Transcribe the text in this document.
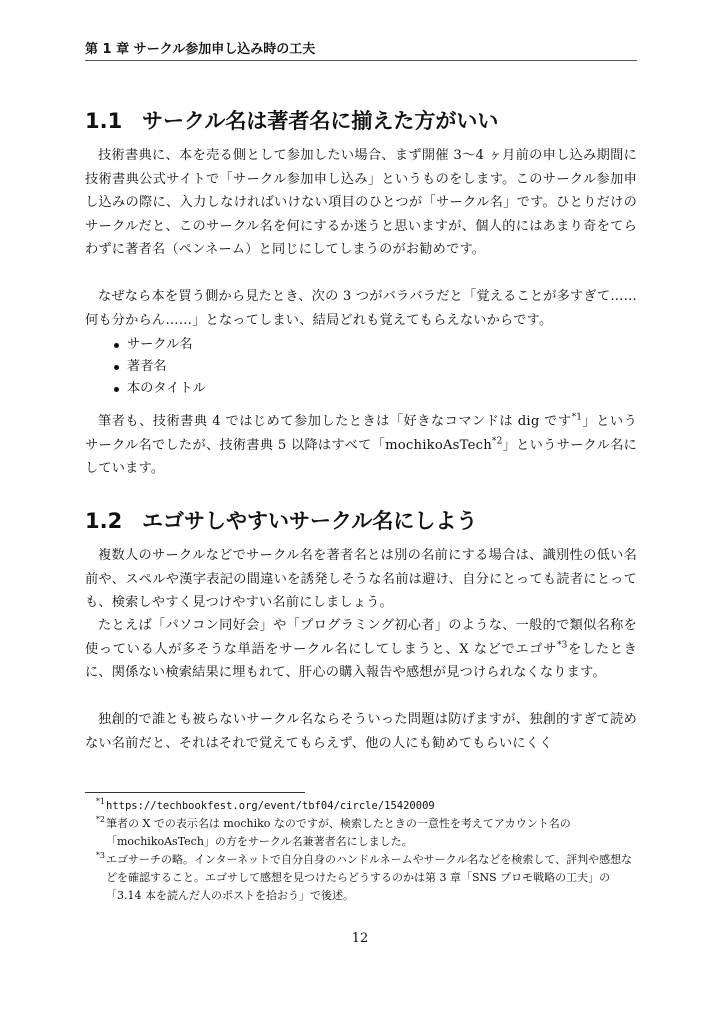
第 1 章 サークル参加申し込み時の工夫
1.1 サークル名は著者名に揃えた方がいい

技術書典に、本を売る側として参加したい場合、まず開催 3〜4 ヶ月前の申し込み期間に技術書典公式サイトで「サークル参加申し込み」というものをします。このサークル参加申し込みの際に、入力しなければいけない項目のひとつが「サークル名」です。ひとりだけのサークルだと、このサークル名を何にするか迷うと思いますが、個人的にはあまり奇をてらわずに著者名（ペンネーム）と同じにしてしまうのがお勧めです。

なぜなら本を買う側から見たとき、次の 3 つがバラバラだと「覚えることが多すぎて……何も分からん……」となってしまい、結局どれも覚えてもらえないからです。

サークル名
著者名
本のタイトル

筆者も、技術書典 4 ではじめて参加したときは「好きなコマンドは dig です$^{*1}$」というサークル名でしたが、技術書典 5 以降はすべて「mochikoAsTech$^{*2}$」というサークル名にしています。

1.2 エゴサしやすいサークル名にしよう

複数人のサークルなどでサークル名を著者名とは別の名前にする場合は、識別性の低い名前や、スペルや漢字表記の間違いを誘発しそうな名前は避け、自分にとっても読者にとっても、検索しやすく見つけやすい名前にしましょう。

たとえば「パソコン同好会」や「プログラミング初心者」のような、一般的で類似名称を使っている人が多そうな単語をサークル名にしてしまうと、X などでエゴサ$^{*3}$をしたときに、関係ない検索結果に埋もれて、肝心の購入報告や感想が見つけられなくなります。

独創的で誰とも被らないサークル名ならそういった問題は防げますが、独創的すぎて読めない名前だと、それはそれで覚えてもらえず、他の人にも勧めてもらいにくく

*1 https://techbookfest.org/event/tbf04/circle/15420009
*2 筆者の X での表示名は mochiko なのですが、検索したときの一意性を考えてアカウント名の「mochikoAsTech」の方をサークル名兼著者名にしました。
*3 エゴサーチの略。インターネットで自分自身のハンドルネームやサークル名などを検索して、評判や感想などを確認すること。エゴサして感想を見つけたらどうするのかは第 3 章「SNS プロモ戦略の工夫」の「3.14 本を読んだ人のポストを拾おう」で後述。
12
